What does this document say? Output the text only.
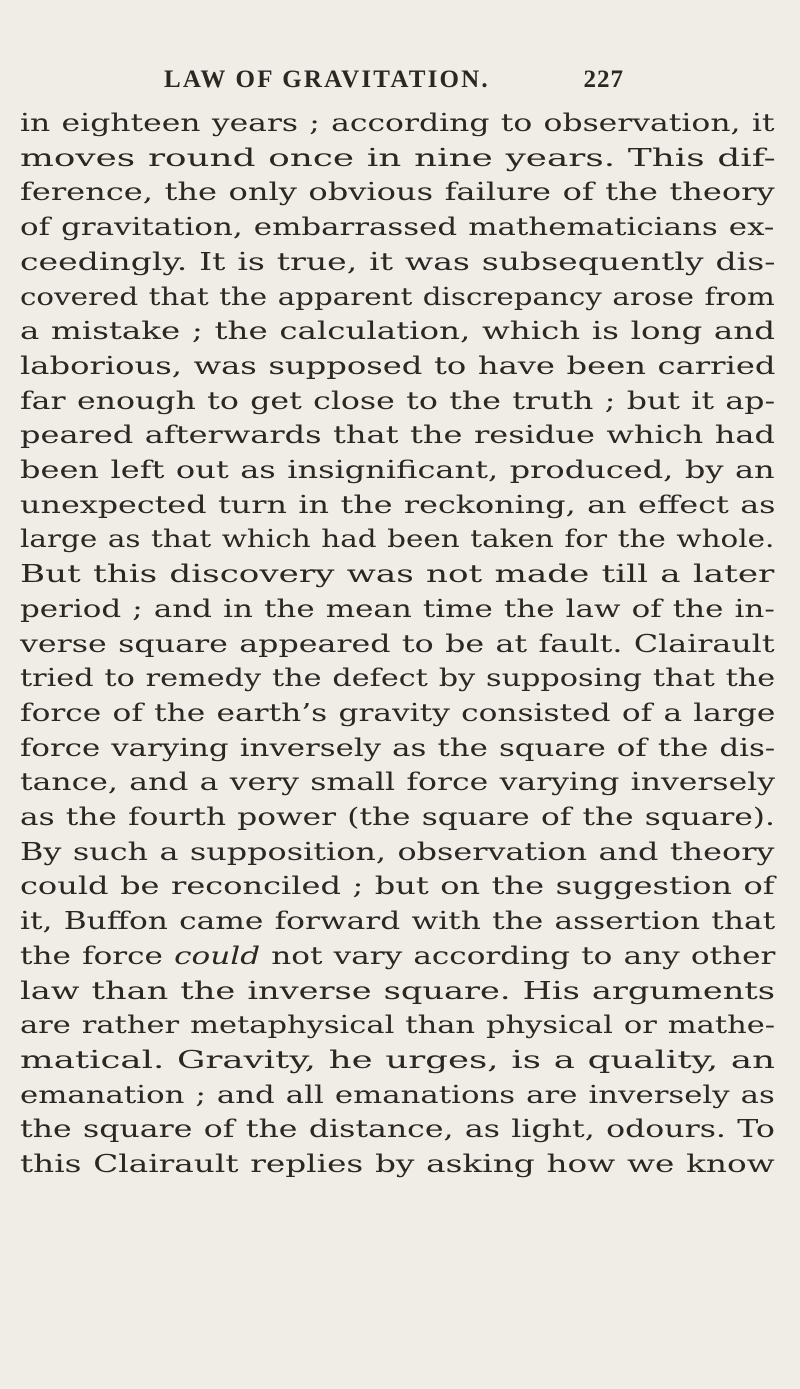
LAW OF GRAVITATION.	227
in eighteen years ; according to observation, it
moves round once in nine years. This dif-
ference, the only obvious failure of the theory
of gravitation, embarrassed mathematicians ex-
ceedingly. It is true, it was subsequently dis-
covered that the apparent discrepancy arose from
a mistake ; the calculation, which is long and
laborious, was supposed to have been carried
far enough to get close to the truth ; but it ap-
peared afterwards that the residue which had
been left out as insignificant, produced, by an
unexpected turn in the reckoning, an effect as
large as that which had been taken for the whole.
But this discovery was not made till a later
period ; and in the mean time the law of the in-
verse square appeared to be at fault. Clairault
tried to remedy the defect by supposing that the
force of the earth’s gravity consisted of a large
force varying inversely as the square of the dis-
tance, and a very small force varying inversely
as the fourth power (the square of the square).
By such a supposition, observation and theory
could be reconciled ; but on the suggestion of
it, Buffon came forward with the assertion that
the force could not vary according to any other
law than the inverse square. His arguments
are rather metaphysical than physical or mathe-
matical. Gravity, he urges, is a quality, an
emanation ; and all emanations are inversely as
the square of the distance, as light, odours. To
this Clairault replies by asking how we know
